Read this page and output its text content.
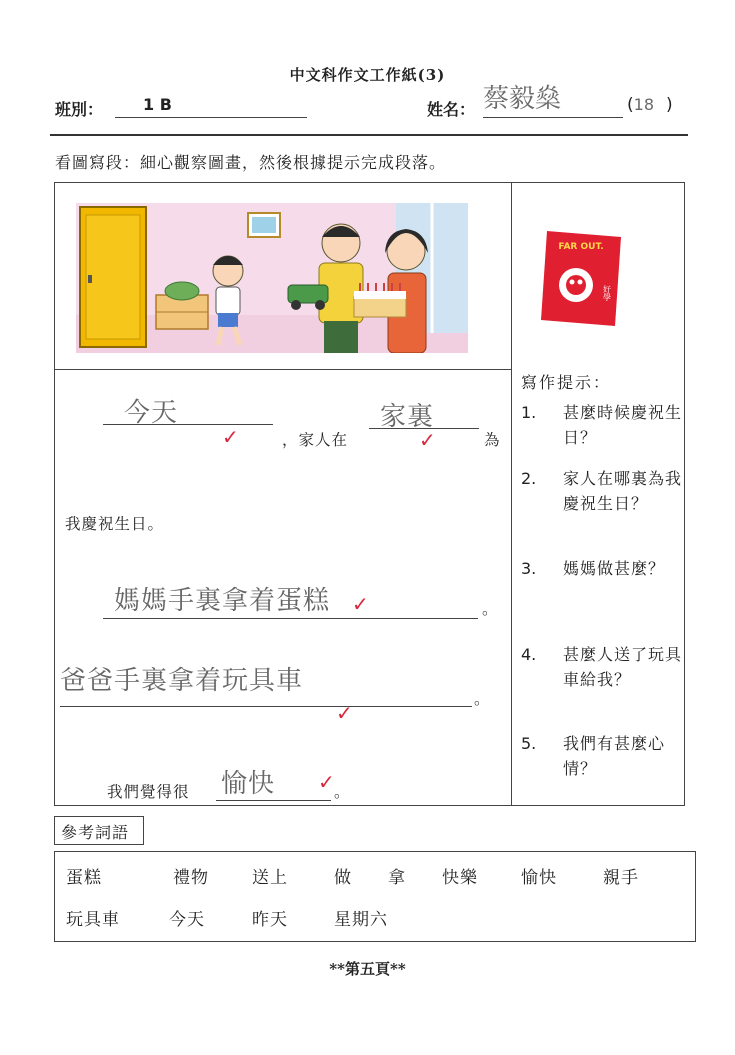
中文科作文工作紙(3)
班別： 1 B	姓名： 蔡毅燊	(18 )
看圖寫段：細心觀察圖畫，然後根據提示完成段落。
FAR OUT.
好學
今天
✓	，家人在
家裏
✓	為
我慶祝生日。
媽媽手裏拿着蛋糕 ✓	。
爸爸手裏拿着玩具車
✓
。
我們覺得很 愉快 ✓ 。
寫作提示：
1. 甚麼時候慶祝生日？
2. 家人在哪裏為我慶祝生日？
3. 媽媽做甚麼？
4. 甚麼人送了玩具車給我？
5. 我們有甚麼心情？
參考詞語
蛋糕	禮物	送上	做 拿 快樂	愉快	親手
玩具車	今天	昨天	星期六
**第五頁**
